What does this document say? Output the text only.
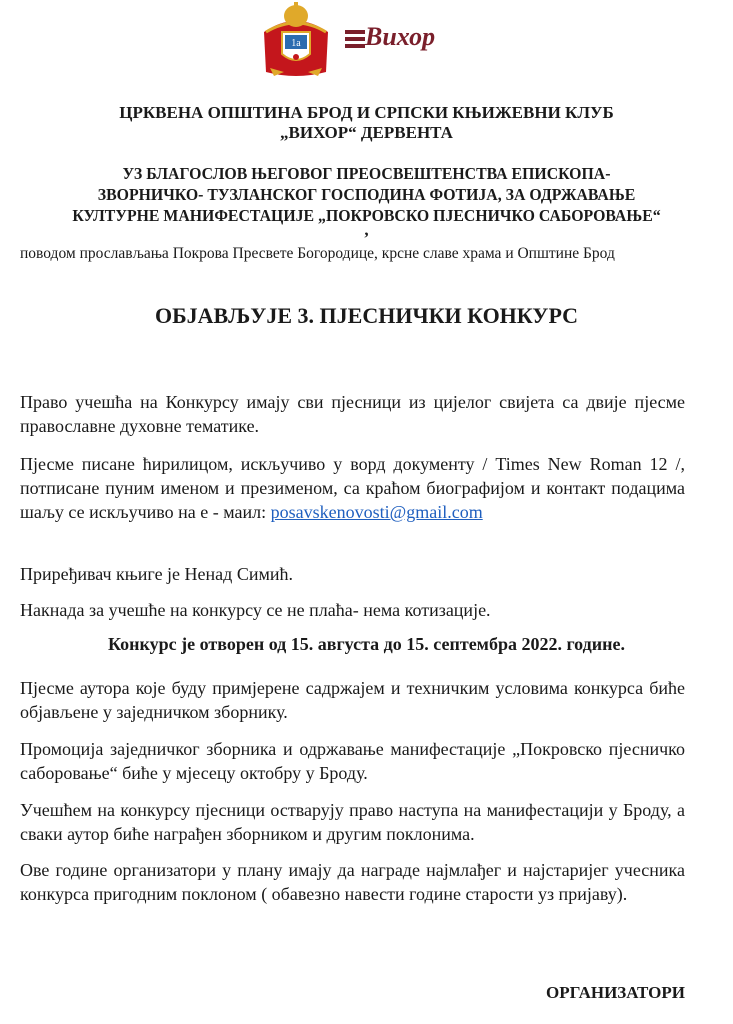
1a Вихор
ЦРКВЕНА ОПШТИНА БРОД И СРПСКИ КЊИЖЕВНИ КЛУБ
„ВИХОР“ ДЕРВЕНТА
УЗ БЛАГОСЛОВ ЊЕГОВОГ ПРЕОСВЕШТЕНСТВА ЕПИСКОПА-
ЗВОРНИЧКО- ТУЗЛАНСКОГ ГОСПОДИНА ФОТИЈА, ЗА ОДРЖАВАЊЕ
КУЛТУРНЕ МАНИФЕСТАЦИЈЕ „ПОКРОВСКО ПЈЕСНИЧКО САБОРОВАЊЕ“
,
поводом прослављања Покрова Пресвете Богородице, крсне славе храма и Општине Брод
ОБЈАВЉУЈЕ 3. ПЈЕСНИЧКИ КОНКУРС
Право учешћа на Конкурсу имају сви пјесници из цијелог свијета са двије пјесме православне духовне тематике.
Пјесме писане ћирилицом, искључиво у ворд документу / Times New Roman 12 /, потписане пуним именом и презименом, са краћом биографијом и контакт подацима шаљу се искључиво на е - маил: posavskenovosti@gmail.com
Приређивач књиге је Ненад Симић.
Накнада за учешће на конкурсу се не плаћа- нема котизације.
Конкурс је отворен од 15. августа до 15. септембра 2022. године.
Пјесме аутора које буду примјерене садржајем и техничким условима конкурса биће објављене у заједничком зборнику.
Промоција заједничког зборника и одржавање манифестације „Покровско пјесничко саборовање“ биће у мјесецу октобру у Броду.
Учешћем на конкурсу пјесници остварују право наступа на манифестацији у Броду, а сваки аутор биће награђен зборником и другим поклонима.
Ове године организатори у плану имају да награде најмлађег и најстаријег учесника конкурса пригодним поклоном ( обавезно навести године старости уз пријаву).
ОРГАНИЗАТОРИ
